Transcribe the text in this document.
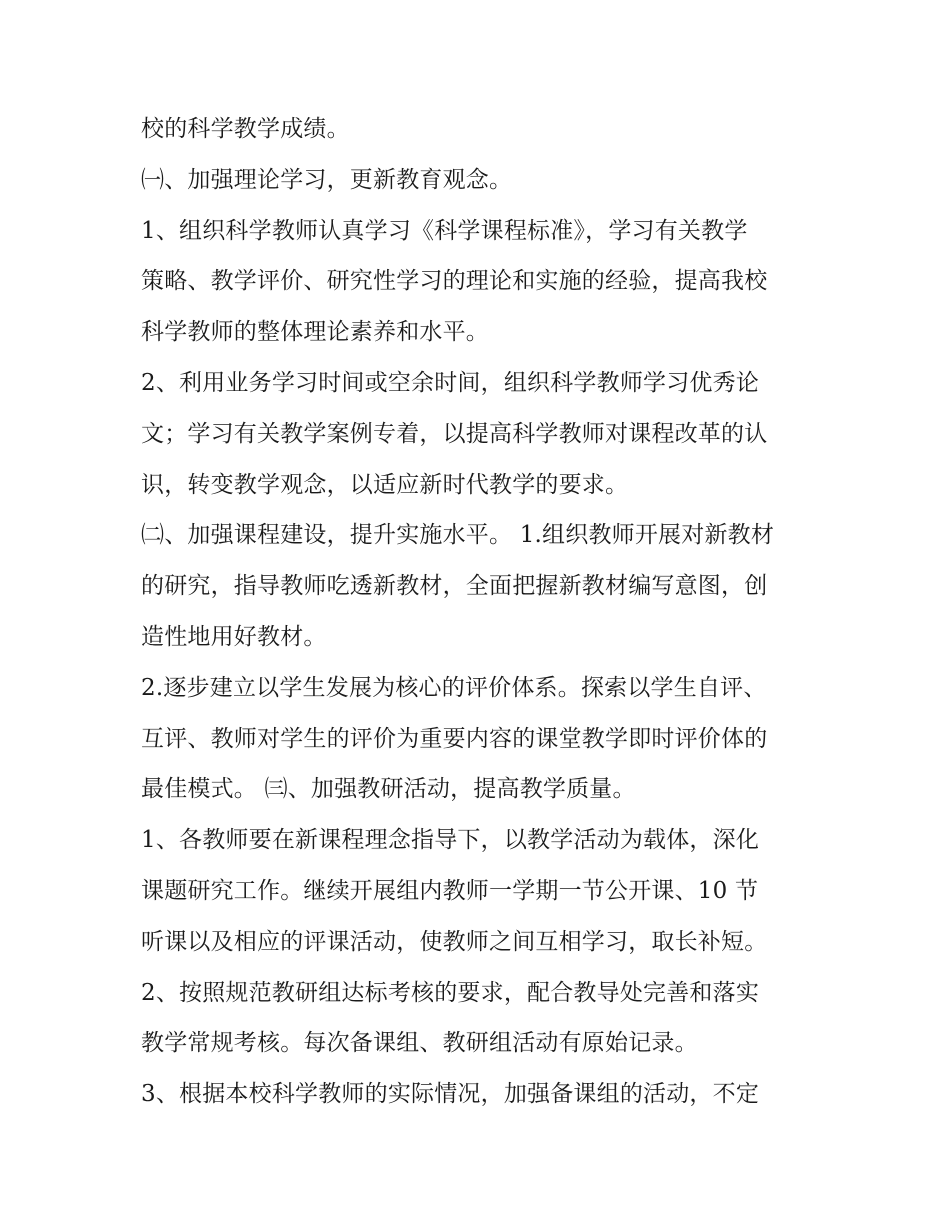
校的科学教学成绩。
㈠、加强理论学习，更新教育观念。
1、组织科学教师认真学习《科学课程标准》，学习有关教学
策略、教学评价、研究性学习的理论和实施的经验，提高我校
科学教师的整体理论素养和水平。
2、利用业务学习时间或空余时间，组织科学教师学习优秀论
文；学习有关教学案例专着，以提高科学教师对课程改革的认
识，转变教学观念，以适应新时代教学的要求。
㈡、加强课程建设，提升实施水平。 1.组织教师开展对新教材
的研究，指导教师吃透新教材，全面把握新教材编写意图，创
造性地用好教材。
2.逐步建立以学生发展为核心的评价体系。探索以学生自评、
互评、教师对学生的评价为重要内容的课堂教学即时评价体的
最佳模式。 ㈢、加强教研活动，提高教学质量。
1、各教师要在新课程理念指导下，以教学活动为载体，深化
课题研究工作。继续开展组内教师一学期一节公开课、10 节
听课以及相应的评课活动，使教师之间互相学习，取长补短。
2、按照规范教研组达标考核的要求，配合教导处完善和落实
教学常规考核。每次备课组、教研组活动有原始记录。
3、根据本校科学教师的实际情况，加强备课组的活动，不定
